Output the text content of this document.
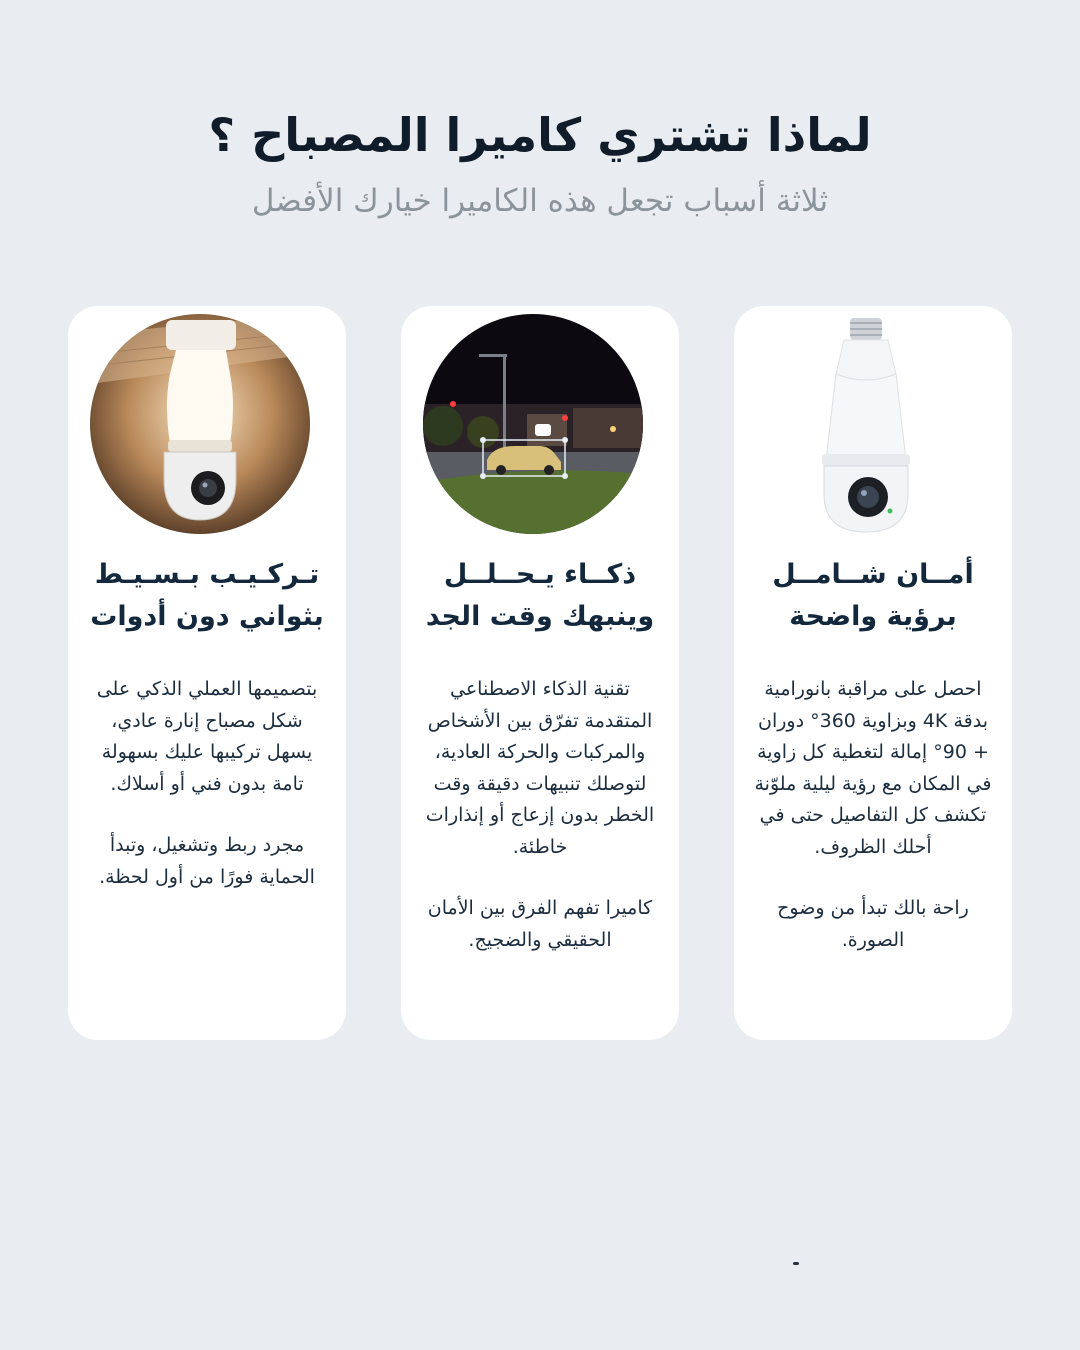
لماذا تشتري كاميرا المصباح ؟
ثلاثة أسباب تجعل هذه الكاميرا خيارك الأفضل
أمــان شــامــل
برؤية واضحة

احصل على مراقبة بانورامية بدقة 4K وبزاوية 360° دوران + 90° إمالة لتغطية كل زاوية في المكان مع رؤية ليلية ملوّنة تكشف كل التفاصيل حتى في أحلك الظروف.

راحة بالك تبدأ من وضوح الصورة.

ذكــاء يـحــلــل
وينبهك وقت الجد

تقنية الذكاء الاصطناعي المتقدمة تفرّق بين الأشخاص والمركبات والحركة العادية، لتوصلك تنبيهات دقيقة وقت الخطر بدون إزعاج أو إنذارات خاطئة.

كاميرا تفهم الفرق بين الأمان الحقيقي والضجيج.

تـركـيـب بـسـيـط
بثواني دون أدوات

بتصميمها العملي الذكي على شكل مصباح إنارة عادي، يسهل تركيبها عليك بسهولة تامة بدون فني أو أسلاك.

مجرد ربط وتشغيل، وتبدأ الحماية فورًا من أول لحظة.
